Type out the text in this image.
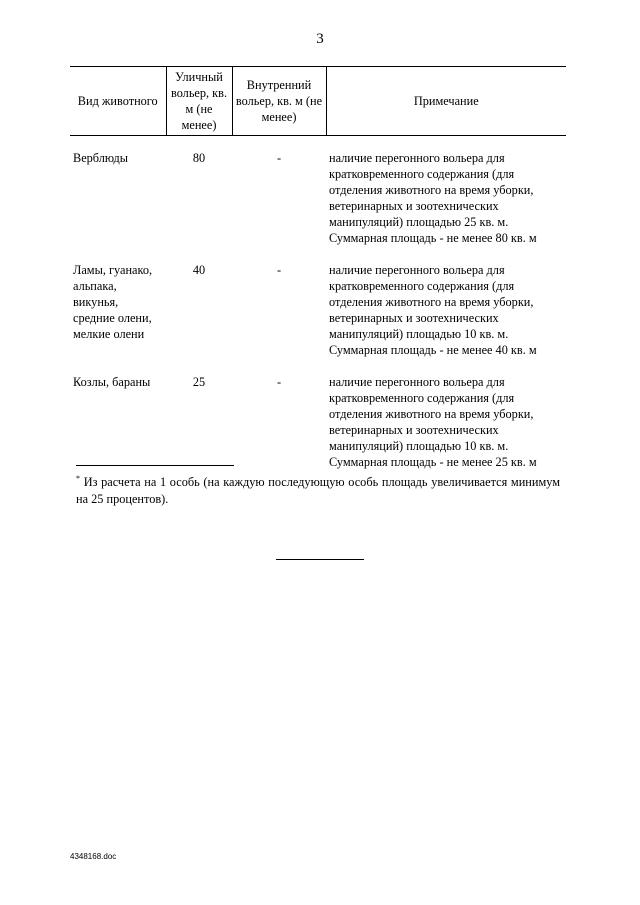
3
Вид животного	Уличный вольер, кв. м (не менее)	Внутренний вольер, кв. м (не менее)	Примечание
Верблюды	80	-	наличие перегонного вольера для кратковременного содержания (для отделения животного на время уборки, ветеринарных и зоотехнических манипуляций) площадью 25 кв. м. Суммарная площадь - не менее 80 кв. м
Ламы, гуанако, альпака, викунья, средние олени, мелкие олени	40	-	наличие перегонного вольера для кратковременного содержания (для отделения животного на время уборки, ветеринарных и зоотехнических манипуляций) площадью 10 кв. м. Суммарная площадь - не менее 40 кв. м
Козлы, бараны	25	-	наличие перегонного вольера для кратковременного содержания (для отделения животного на время уборки, ветеринарных и зоотехнических манипуляций) площадью 10 кв. м. Суммарная площадь - не менее 25 кв. м
* Из расчета на 1 особь (на каждую последующую особь площадь увеличивается минимум на 25 процентов).
4348168.doc
